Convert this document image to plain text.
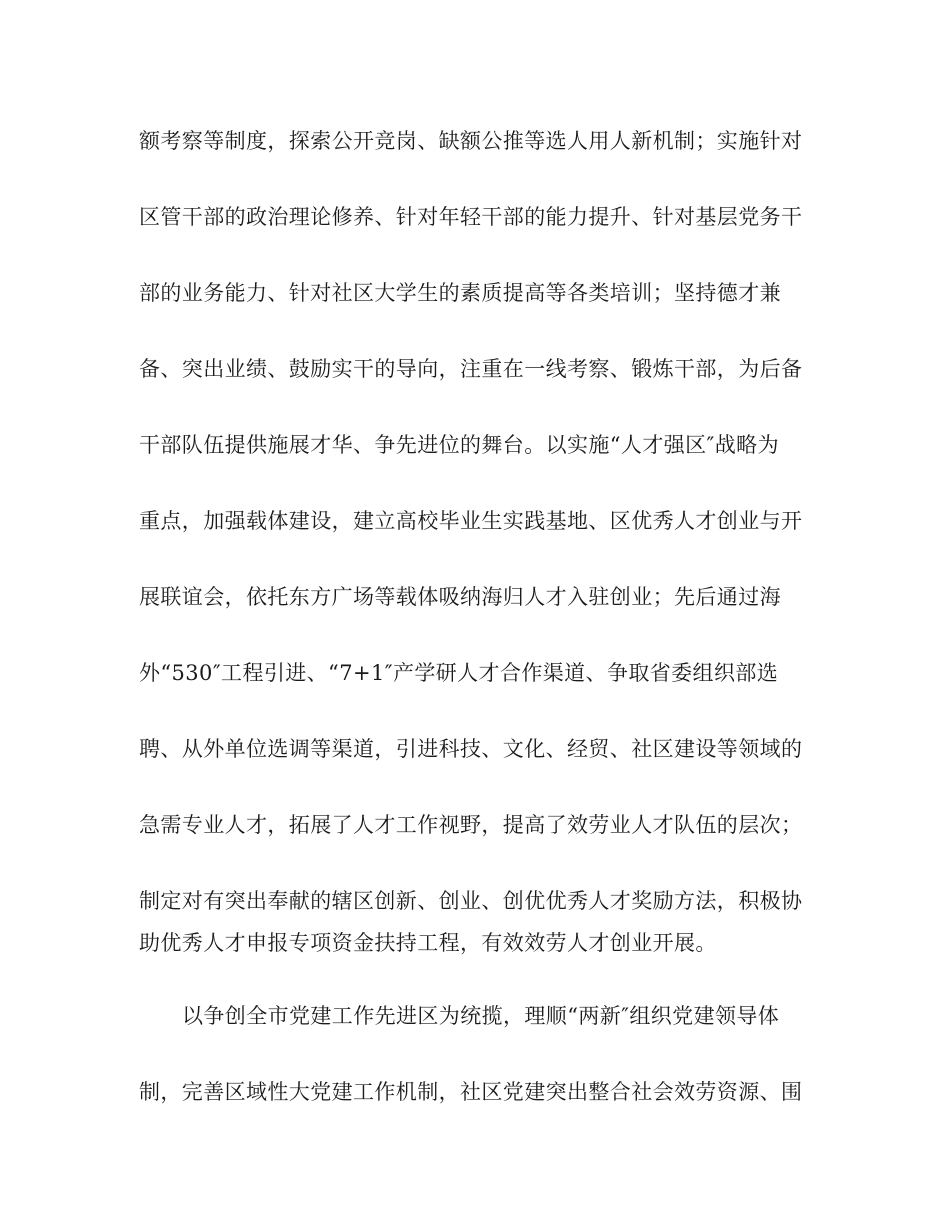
额考察等制度，探索公开竞岗、缺额公推等选人用人新机制；实施针对
区管干部的政治理论修养、针对年轻干部的能力提升、针对基层党务干
部的业务能力、针对社区大学生的素质提高等各类培训；坚持德才兼
备、突出业绩、鼓励实干的导向，注重在一线考察、锻炼干部，为后备
干部队伍提供施展才华、争先进位的舞台。以实施“人才强区″战略为
重点，加强载体建设，建立高校毕业生实践基地、区优秀人才创业与开
展联谊会，依托东方广场等载体吸纳海归人才入驻创业；先后通过海
外“530″工程引进、“7+1″产学研人才合作渠道、争取省委组织部选
聘、从外单位选调等渠道，引进科技、文化、经贸、社区建设等领域的
急需专业人才，拓展了人才工作视野，提高了效劳业人才队伍的层次；
制定对有突出奉献的辖区创新、创业、创优优秀人才奖励方法，积极协
助优秀人才申报专项资金扶持工程，有效效劳人才创业开展。
以争创全市党建工作先进区为统揽，理顺“两新″组织党建领导体
制，完善区域性大党建工作机制，社区党建突出整合社会效劳资源、围
